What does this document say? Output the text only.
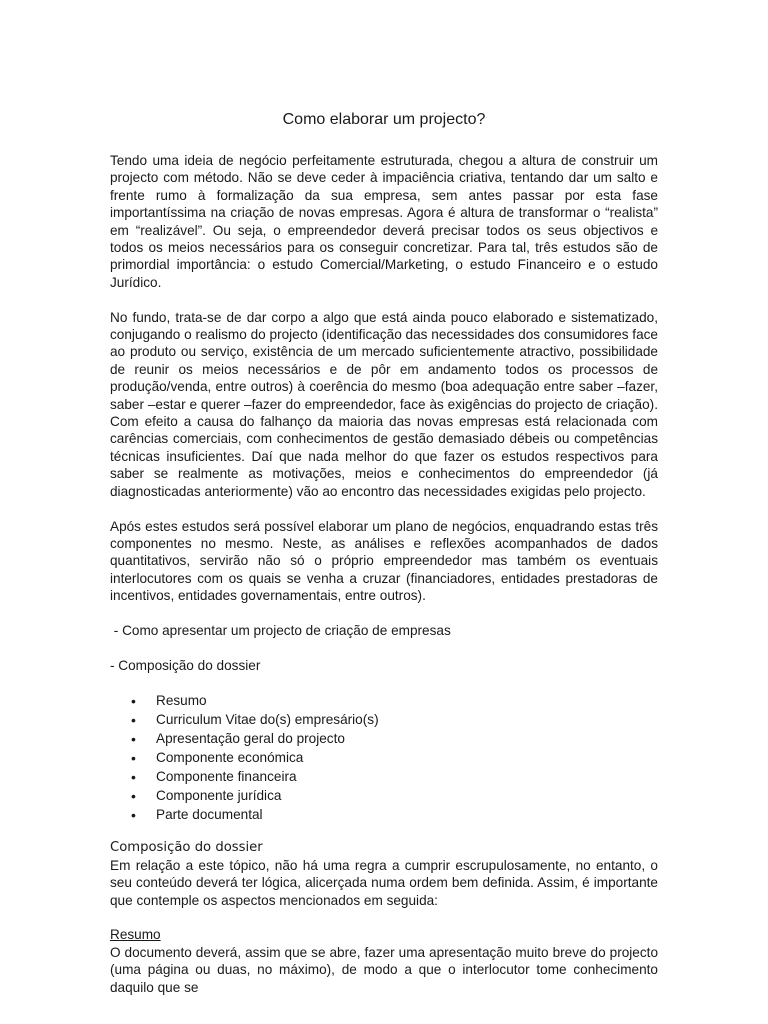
Como elaborar um projecto?

Tendo uma ideia de negócio perfeitamente estruturada, chegou a altura de construir um projecto com método. Não se deve ceder à impaciência criativa, tentando dar um salto e frente rumo à formalização da sua empresa, sem antes passar por esta fase importantíssima na criação de novas empresas. Agora é altura de transformar o “realista” em “realizável”. Ou seja, o empreendedor deverá precisar todos os seus objectivos e todos os meios necessários para os conseguir concretizar. Para tal, três estudos são de primordial importância: o estudo Comercial/Marketing, o estudo Financeiro e o estudo Jurídico.

No fundo, trata-se de dar corpo a algo que está ainda pouco elaborado e sistematizado, conjugando o realismo do projecto (identificação das necessidades dos consumidores face ao produto ou serviço, existência de um mercado suficientemente atractivo, possibilidade de reunir os meios necessários e de pôr em andamento todos os processos de produção/venda, entre outros) à coerência do mesmo (boa adequação entre saber –fazer, saber –estar e querer –fazer do empreendedor, face às exigências do projecto de criação). Com efeito a causa do falhanço da maioria das novas empresas está relacionada com carências comerciais, com conhecimentos de gestão demasiado débeis ou competências técnicas insuficientes. Daí que nada melhor do que fazer os estudos respectivos para saber se realmente as motivações, meios e conhecimentos do empreendedor (já diagnosticadas anteriormente) vão ao encontro das necessidades exigidas pelo projecto.

Após estes estudos será possível elaborar um plano de negócios, enquadrando estas três componentes no mesmo. Neste, as análises e reflexões acompanhados de dados quantitativos, servirão não só o próprio empreendedor mas também os eventuais interlocutores com os quais se venha a cruzar (financiadores, entidades prestadoras de incentivos, entidades governamentais, entre outros).

- Como apresentar um projecto de criação de empresas
- Composição do dossier
• Resumo
• Curriculum Vitae do(s) empresário(s)
• Apresentação geral do projecto
• Componente económica
• Componente financeira
• Componente jurídica
• Parte documental
Composição do dossier

Em relação a este tópico, não há uma regra a cumprir escrupulosamente, no entanto, o seu conteúdo deverá ter lógica, alicerçada numa ordem bem definida. Assim, é importante que contemple os aspectos mencionados em seguida:

Resumo

O documento deverá, assim que se abre, fazer uma apresentação muito breve do projecto (uma página ou duas, no máximo), de modo a que o interlocutor tome conhecimento daquilo que se
